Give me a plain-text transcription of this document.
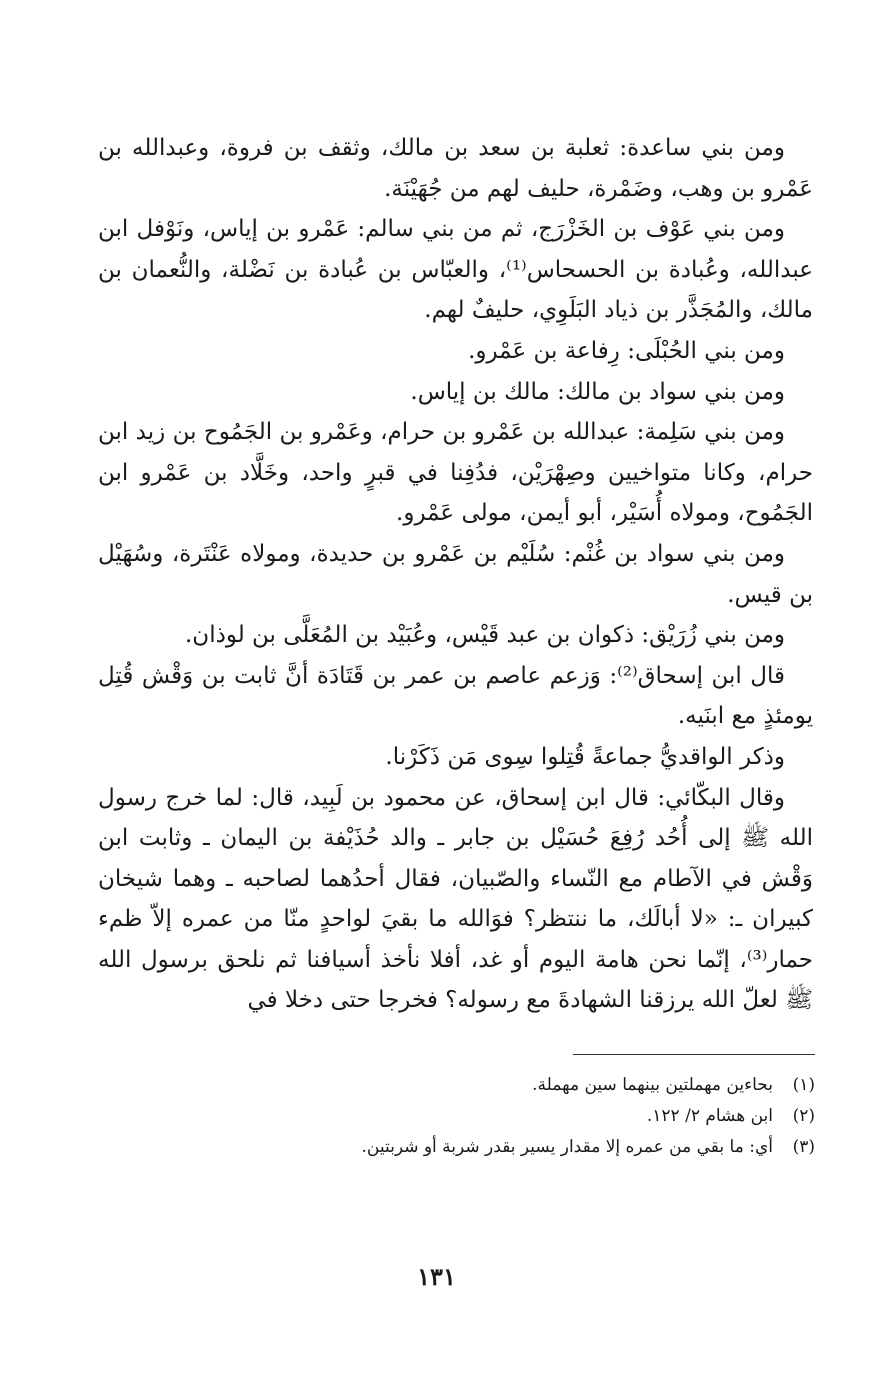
ومن بني ساعدة: ثعلبة بن سعد بن مالك، وثقف بن فروة، وعبدالله بن عَمْرو بن وهب، وضَمْرة، حليف لهم من جُهَيْنَة.

ومن بني عَوْف بن الخَزْرَج، ثم من بني سالم: عَمْرو بن إياس، ونَوْفل ابن عبدالله، وعُبادة بن الحسحاس⁽¹⁾، والعبّاس بن عُبادة بن نَضْلة، والنُّعمان بن مالك، والمُجَذَّر بن ذياد البَلَوِي، حليفٌ لهم.

ومن بني الحُبْلَى: رِفاعة بن عَمْرو.

ومن بني سواد بن مالك: مالك بن إياس.

ومن بني سَلِمة: عبدالله بن عَمْرو بن حرام، وعَمْرو بن الجَمُوح بن زيد ابن حرام، وكانا متواخيين وصِهْرَيْن، فدُفِنا في قبرٍ واحد، وخَلَّاد بن عَمْرو ابن الجَمُوح، ومولاه أُسَيْر، أبو أيمن، مولى عَمْرو.

ومن بني سواد بن غُنْم: سُلَيْم بن عَمْرو بن حديدة، ومولاه عَنْتَرة، وسُهَيْل بن قيس.

ومن بني زُرَيْق: ذكوان بن عبد قَيْس، وعُبَيْد بن المُعَلَّى بن لوذان.

قال ابن إسحاق⁽²⁾: وَزعم عاصم بن عمر بن قَتَادَة أنَّ ثابت بن وَقْش قُتِل يومئذٍ مع ابنَيه.

وذكر الواقديُّ جماعةً قُتِلوا سِوى مَن ذَكَرْنا.

وقال البكّائي: قال ابن إسحاق، عن محمود بن لَبِيد، قال: لما خرج رسول الله ﷺ إلى أُحُد رُفِعَ حُسَيْل بن جابر ـ والد حُذَيْفة بن اليمان ـ وثابت ابن وَقْش في الآطام مع النّساء والصّبيان، فقال أحدُهما لصاحبه ـ وهما شيخان كبيران ـ: «لا أبالَك، ما ننتظر؟ فوَالله ما بقيَ لواحدٍ منّا من عمره إلاّ ظمء حمار⁽³⁾، إنّما نحن هامة اليوم أو غد، أفلا نأخذ أسيافنا ثم نلحق برسول الله ﷺ لعلّ الله يرزقنا الشهادةَ مع رسوله؟ فخرجا حتى دخلا في

(١)
بحاءين مهملتين بينهما سين مهملة.
(٢)
ابن هشام ٢/ ١٢٢.
(٣)
أي: ما بقي من عمره إلا مقدار يسير بقدر شربة أو شربتين.
١٣١
